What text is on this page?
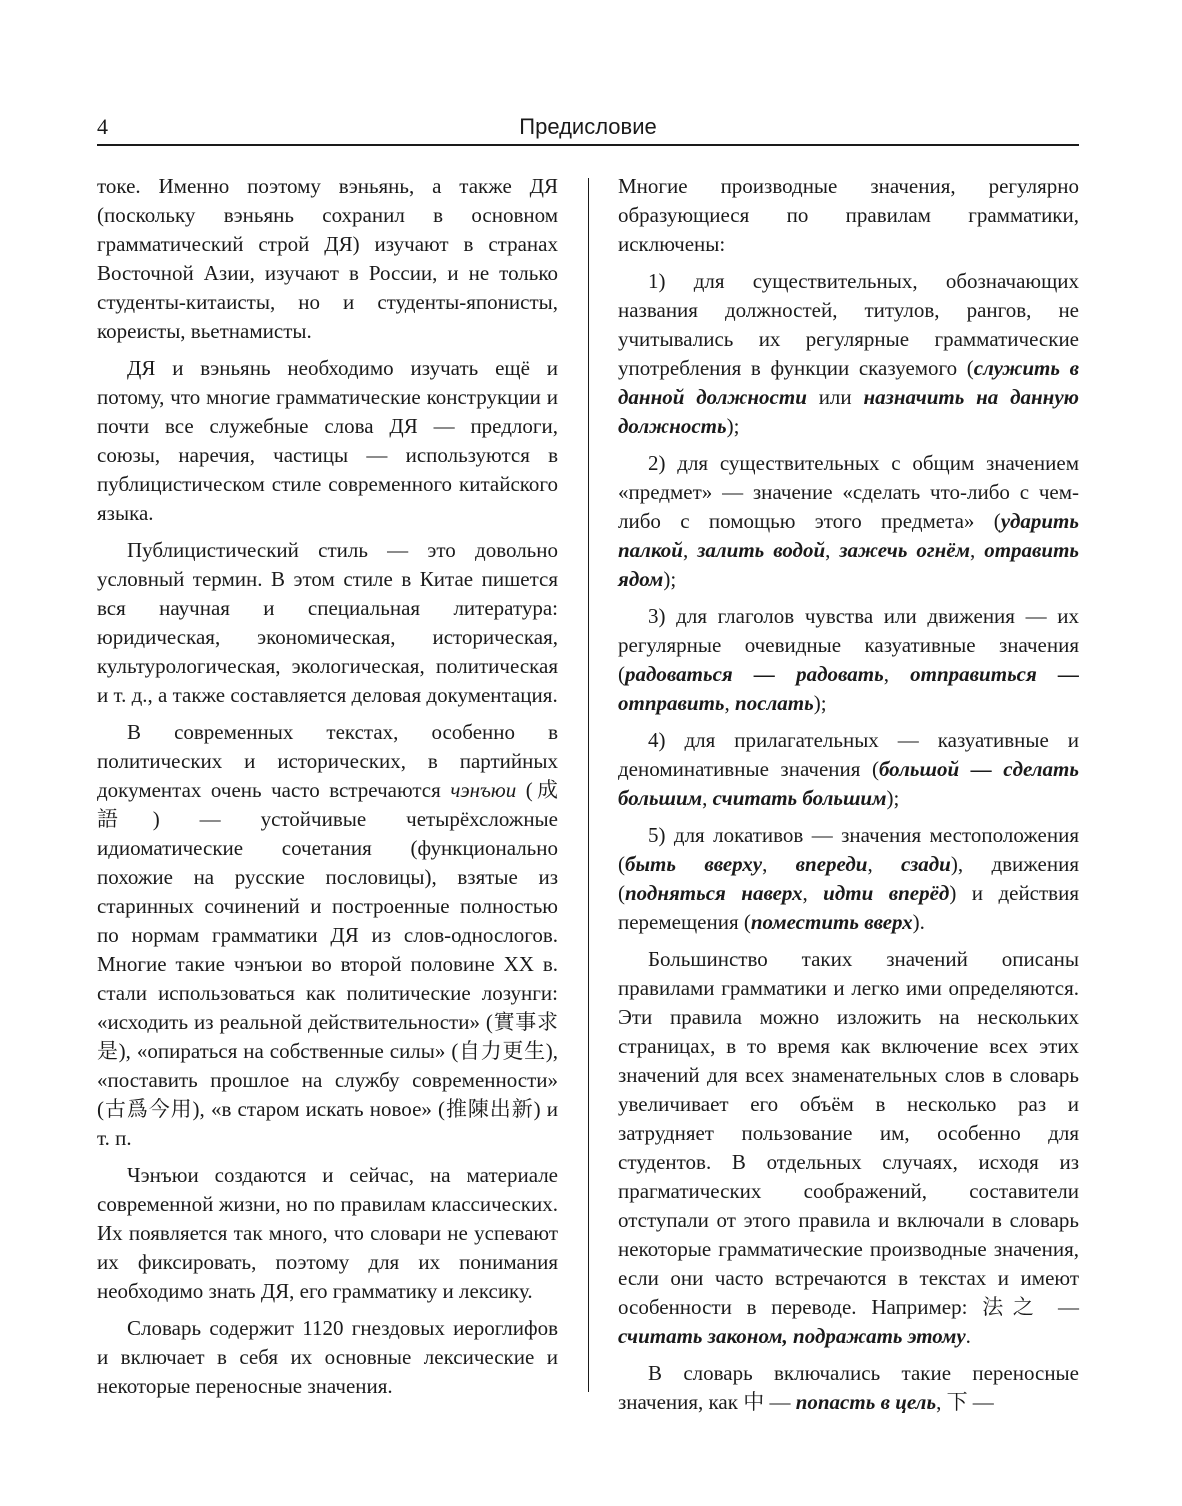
4	Предисловие

токе. Именно поэтому вэньянь, а также ДЯ (поскольку вэньянь сохранил в основном грамматический строй ДЯ) изучают в странах Восточной Азии, изучают в России, и не только студенты-китаисты, но и студенты-японисты, кореисты, вьетнамисты.

ДЯ и вэньянь необходимо изучать ещё и потому, что многие грамматические конструкции и почти все служебные слова ДЯ — предлоги, союзы, наречия, частицы — используются в публицистическом стиле современного китайского языка.

Публицистический стиль — это довольно условный термин. В этом стиле в Китае пишется вся научная и специальная литература: юридическая, экономическая, историческая, культурологическая, экологическая, политическая и т. д., а также составляется деловая документация.

В современных текстах, особенно в политических и исторических, в партийных документах очень часто встречаются чэнъюи (成語) — устойчивые четырёхсложные идиоматические сочетания (функционально похожие на русские пословицы), взятые из старинных сочинений и построенные полностью по нормам грамматики ДЯ из слов-однослогов. Многие такие чэнъюи во второй половине XX в. стали использоваться как политические лозунги: «исходить из реальной действительности» (實事求是), «опираться на собственные силы» (自力更生), «поставить прошлое на службу современности» (古爲今用), «в старом искать новое» (推陳出新) и т. п.

Чэнъюи создаются и сейчас, на материале современной жизни, но по правилам классических. Их появляется так много, что словари не успевают их фиксировать, поэтому для их понимания необходимо знать ДЯ, его грамматику и лексику.

Словарь содержит 1120 гнездовых иероглифов и включает в себя их основные лексические и некоторые переносные значения.

Многие производные значения, регулярно образующиеся по правилам грамматики, исключены:

1) для существительных, обозначающих названия должностей, титулов, рангов, не учитывались их регулярные грамматические употребления в функции сказуемого (служить в данной должности или назначить на данную должность);

2) для существительных с общим значением «предмет» — значение «сделать что-либо с чем-либо с помощью этого предмета» (ударить палкой, залить водой, зажечь огнём, отравить ядом);

3) для глаголов чувства или движения — их регулярные очевидные казуативные значения (радоваться — радовать, отправиться — отправить, послать);

4) для прилагательных — казуативные и деноминативные значения (большой — сделать большим, считать большим);

5) для локативов — значения местоположения (быть вверху, впереди, сзади), движения (подняться наверх, идти вперёд) и действия перемещения (поместить вверх).

Большинство таких значений описаны правилами грамматики и легко ими определяются. Эти правила можно изложить на нескольких страницах, в то время как включение всех этих значений для всех знаменательных слов в словарь увеличивает его объём в несколько раз и затрудняет пользование им, особенно для студентов. В отдельных случаях, исходя из прагматических соображений, составители отступали от этого правила и включали в словарь некоторые грамматические производные значения, если они часто встречаются в текстах и имеют особенности в переводе. Например: 法之 — считать законом, подражать этому.

В словарь включались такие переносные значения, как 中 — попасть в цель, 下 —
